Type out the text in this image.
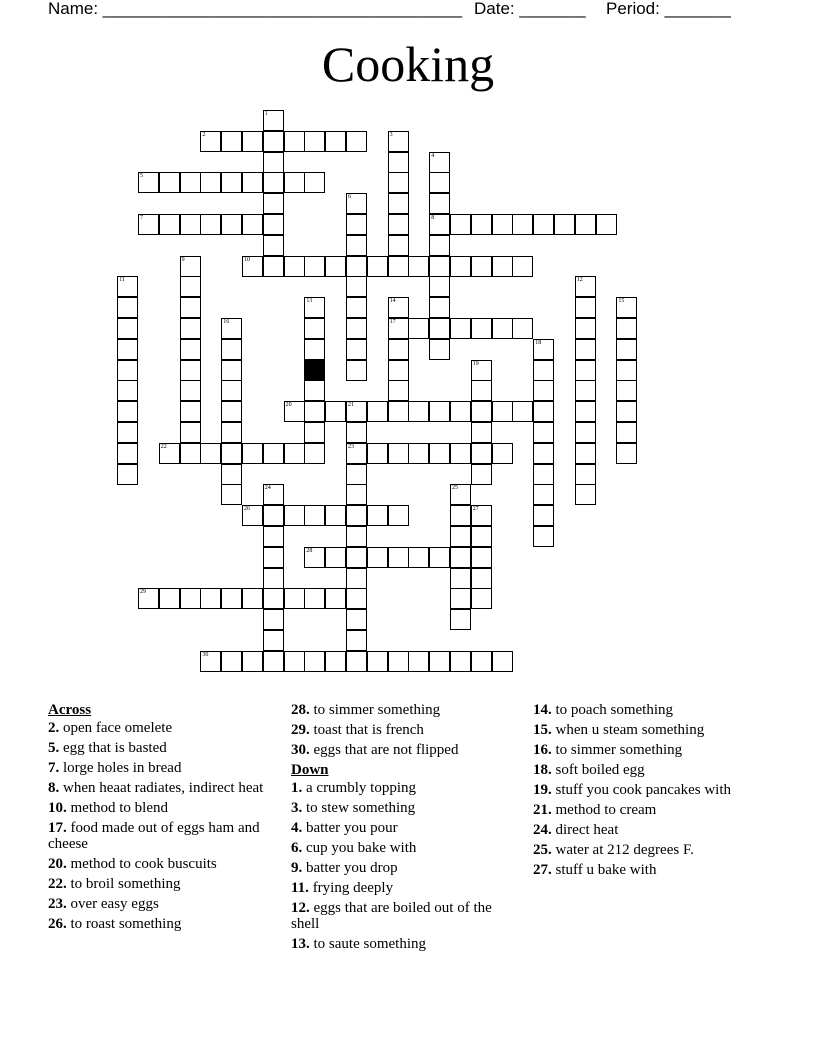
Name: ______________________________________ Date: _______ Period: _______
Cooking
1
2	3
4
8
5
6
7
9	10
11	12
13	14
17
15
16
18
19
20	21
23
22
24	25
26	27
28
29
30
Across
2. open face omelete
5. egg that is basted
7. lorge holes in bread
8. when heaat radiates, indirect heat
10. method to blend
17. food made out of eggs ham and cheese
20. method to cook buscuits
22. to broil something
23. over easy eggs
26. to roast something
28. to simmer something
29. toast that is french
30. eggs that are not flipped
Down
1. a crumbly topping
3. to stew something
4. batter you pour
6. cup you bake with
9. batter you drop
11. frying deeply
12. eggs that are boiled out of the shell
13. to saute something
14. to poach something
15. when u steam something
16. to simmer something
18. soft boiled egg
19. stuff you cook pancakes with
21. method to cream
24. direct heat
25. water at 212 degrees F.
27. stuff u bake with
